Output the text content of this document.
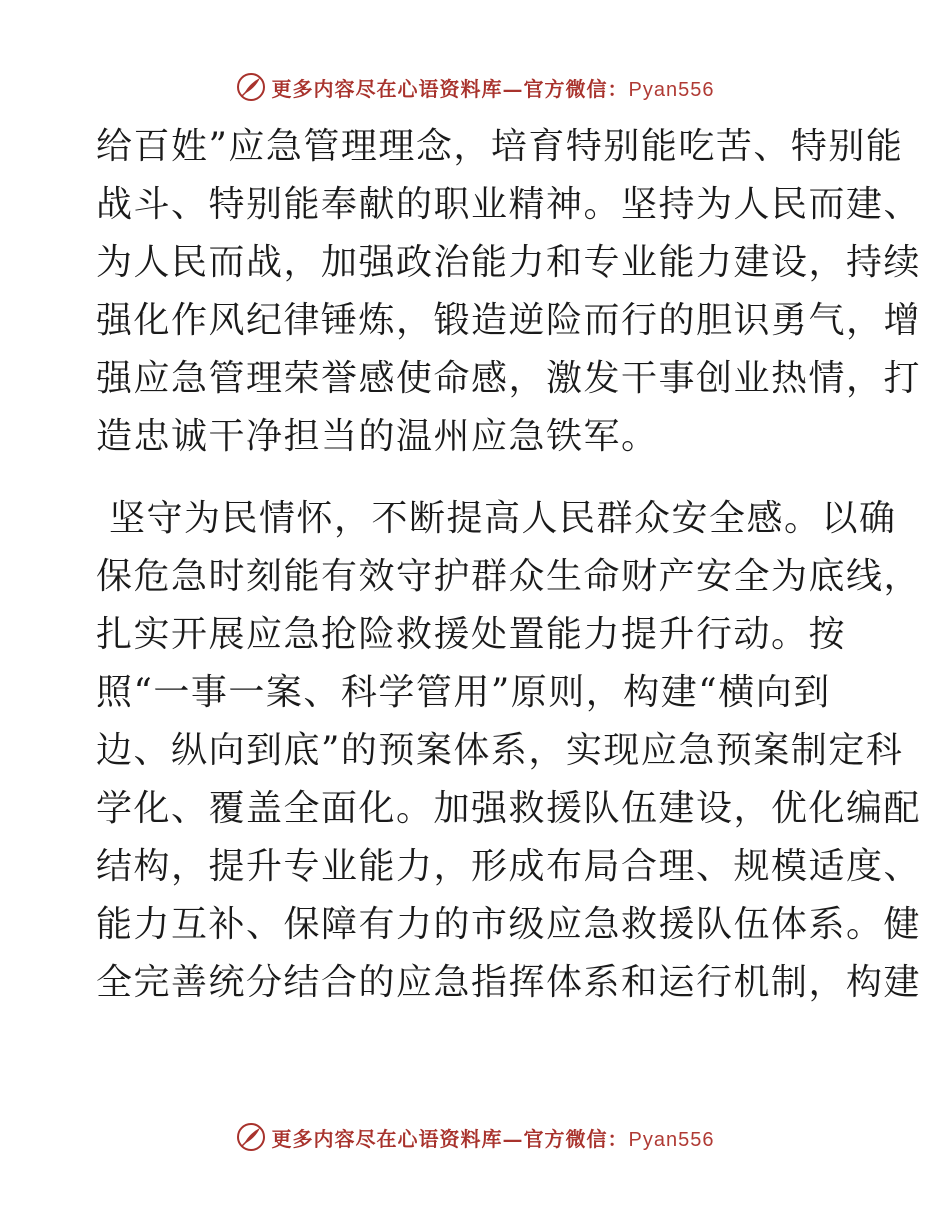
更多内容尽在心语资料库—官方微信：Pyan556
给百姓”应急管理理念，培育特别能吃苦、特别能
战斗、特别能奉献的职业精神。坚持为人民而建、
为人民而战，加强政治能力和专业能力建设，持续
强化作风纪律锤炼，锻造逆险而行的胆识勇气，增
强应急管理荣誉感使命感，激发干事创业热情，打
造忠诚干净担当的温州应急铁军。
坚守为民情怀，不断提高人民群众安全感。以确
保危急时刻能有效守护群众生命财产安全为底线，
扎实开展应急抢险救援处置能力提升行动。按
照“一事一案、科学管用”原则，构建“横向到
边、纵向到底”的预案体系，实现应急预案制定科
学化、覆盖全面化。加强救援队伍建设，优化编配
结构，提升专业能力，形成布局合理、规模适度、
能力互补、保障有力的市级应急救援队伍体系。健
全完善统分结合的应急指挥体系和运行机制，构建
更多内容尽在心语资料库—官方微信：Pyan556
